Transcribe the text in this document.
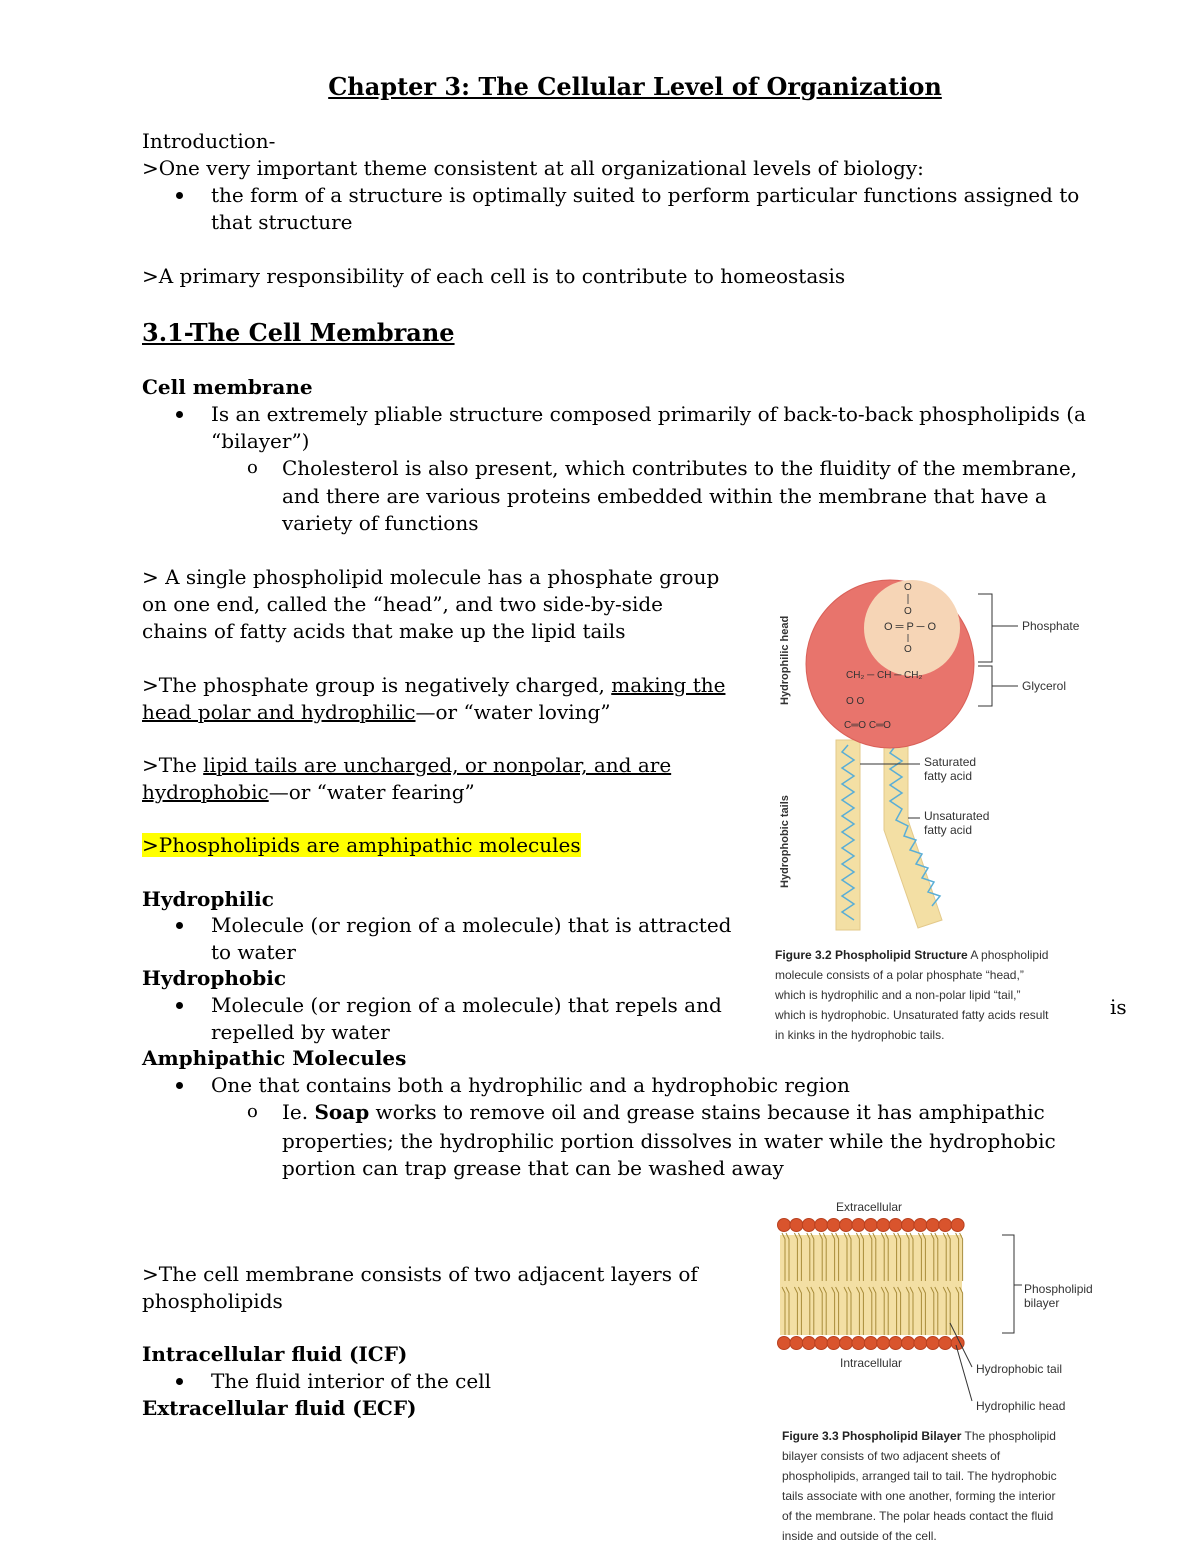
Chapter 3: The Cellular Level of Organization
Introduction-
>One very important theme consistent at all organizational levels of biology:
the form of a structure is optimally suited to perform particular functions assigned to
that structure
>A primary responsibility of each cell is to contribute to homeostasis
3.1-The Cell Membrane
Cell membrane
Is an extremely pliable structure composed primarily of back-to-back phospholipids (a
“bilayer”)
o Cholesterol is also present, which contributes to the fluidity of the membrane,
and there are various proteins embedded within the membrane that have a
variety of functions
> A single phospholipid molecule has a phosphate group
on one end, called the “head”, and two side-by-side
chains of fatty acids that make up the lipid tails
>The phosphate group is negatively charged, making the
head polar and hydrophilic—or “water loving”
>The lipid tails are uncharged, or nonpolar, and are
hydrophobic—or “water fearing”
>Phospholipids are amphipathic molecules
Hydrophilic
Molecule (or region of a molecule) that is attracted
to water
Hydrophobic
Molecule (or region of a molecule) that repels and
repelled by water
is
Amphipathic Molecules
One that contains both a hydrophilic and a hydrophobic region
o Ie. Soap works to remove oil and grease stains because it has amphipathic
properties; the hydrophilic portion dissolves in water while the hydrophobic
portion can trap grease that can be washed away
>The cell membrane consists of two adjacent layers of
phospholipids
Intracellular fluid (ICF)
The fluid interior of the cell
Extracellular fluid (ECF)
O
O
O ═ P ─ O
O
CH₂ ─ CH ─ CH₂
O O
C═O C═O
Hydrophilic head
Hydrophobic tails
Phosphate
Glycerol
Saturated
fatty acid
Unsaturated
fatty acid
Figure 3.2 Phospholipid Structure A phospholipid
molecule consists of a polar phosphate “head,”
which is hydrophilic and a non-polar lipid “tail,”
which is hydrophobic. Unsaturated fatty acids result
in kinks in the hydrophobic tails.
Extracellular
Phospholipid
bilayer
Intracellular	Hydrophobic tail
Hydrophilic head
Figure 3.3 Phospholipid Bilayer The phospholipid
bilayer consists of two adjacent sheets of
phospholipids, arranged tail to tail. The hydrophobic
tails associate with one another, forming the interior
of the membrane. The polar heads contact the fluid
inside and outside of the cell.
